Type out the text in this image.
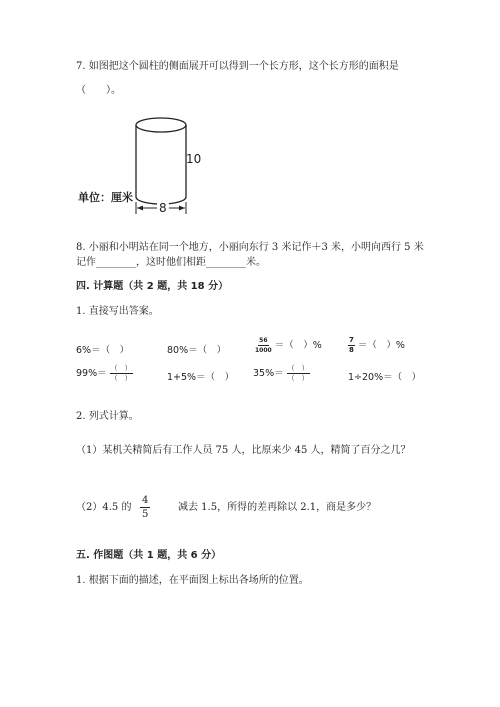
7. 如图把这个圆柱的侧面展开可以得到一个长方形，这个长方形的面积是
（　　）。
10
单位：厘米
8
8. 小丽和小明站在同一个地方，小丽向东行 3 米记作＋3 米，小明向西行 5 米
记作________，这时他们相距________米。
四. 计算题（共 2 题，共 18 分）
1. 直接写出答案。
6%＝（　）	80%＝（　）	$\frac{56}{1000}$ ＝（　）%	$\frac{7}{8}$ ＝（　）%
$99\%= \frac{( )}{( )}$	1+5%＝（　） $35\%= \frac{( )}{( )}$	1÷20%＝（　）
2. 列式计算。
（1）某机关精简后有工作人员 75 人，比原来少 45 人，精简了百分之几？
（2）4.5 的 $\frac{4}{5}$	减去 1.5，所得的差再除以 2.1，商是多少？
五. 作图题（共 1 题，共 6 分）
1. 根据下面的描述，在平面图上标出各场所的位置。
